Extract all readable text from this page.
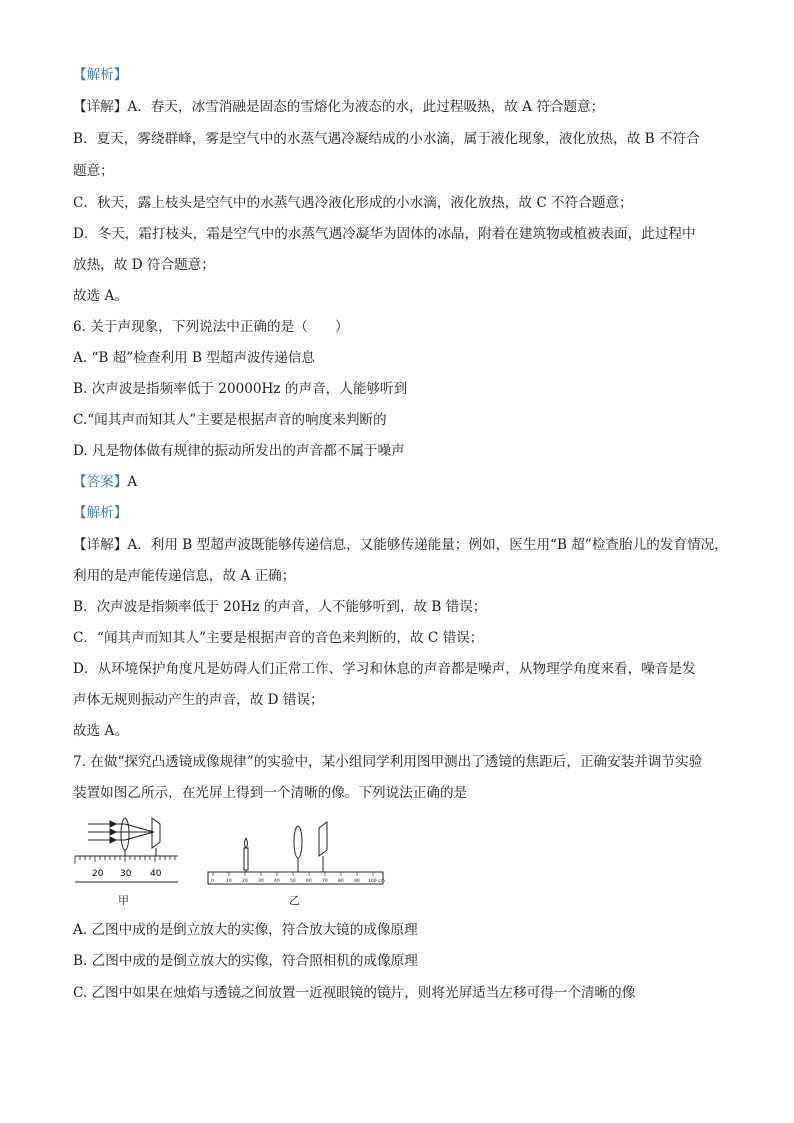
【解析】
【详解】A．春天，冰雪消融是固态的雪熔化为液态的水，此过程吸热，故 A 符合题意；
B．夏天，雾绕群峰，雾是空气中的水蒸气遇冷凝结成的小水滴，属于液化现象，液化放热，故 B 不符合
题意；
C．秋天，露上枝头是空气中的水蒸气遇冷液化形成的小水滴，液化放热，故 C 不符合题意；
D．冬天，霜打枝头，霜是空气中的水蒸气遇冷凝华为固体的冰晶，附着在建筑物或植被表面，此过程中
放热，故 D 符合题意；
故选 A。
6. 关于声现象，下列说法中正确的是（　　）
A. “B 超”检查利用 B 型超声波传递信息
B. 次声波是指频率低于 20000Hz 的声音，人能够听到
C.“闻其声而知其人”主要是根据声音的响度来判断的
D. 凡是物体做有规律的振动所发出的声音都不属于噪声
【答案】A
【解析】
【详解】A．利用 B 型超声波既能够传递信息，又能够传递能量；例如，医生用“B 超”检查胎儿的发育情况，
利用的是声能传递信息，故 A 正确；
B．次声波是指频率低于 20Hz 的声音，人不能够听到，故 B 错误；
C．“闻其声而知其人”主要是根据声音的音色来判断的，故 C 错误；
D．从环境保护角度凡是妨碍人们正常工作、学习和休息的声音都是噪声，从物理学角度来看，噪音是发
声体无规则振动产生的声音，故 D 错误；
故选 A。
7. 在做“探究凸透镜成像规律”的实验中，某小组同学利用图甲测出了透镜的焦距后，正确安装并调节实验
装置如图乙所示，在光屏上得到一个清晰的像。下列说法正确的是
20 30 40
甲
0	10 20 30 40 50 60 70 80 90 100 cm
乙
A. 乙图中成的是倒立放大的实像，符合放大镜的成像原理
B. 乙图中成的是倒立放大的实像，符合照相机的成像原理
C. 乙图中如果在烛焰与透镜之间放置一近视眼镜的镜片，则将光屏适当左移可得一个清晰的像
